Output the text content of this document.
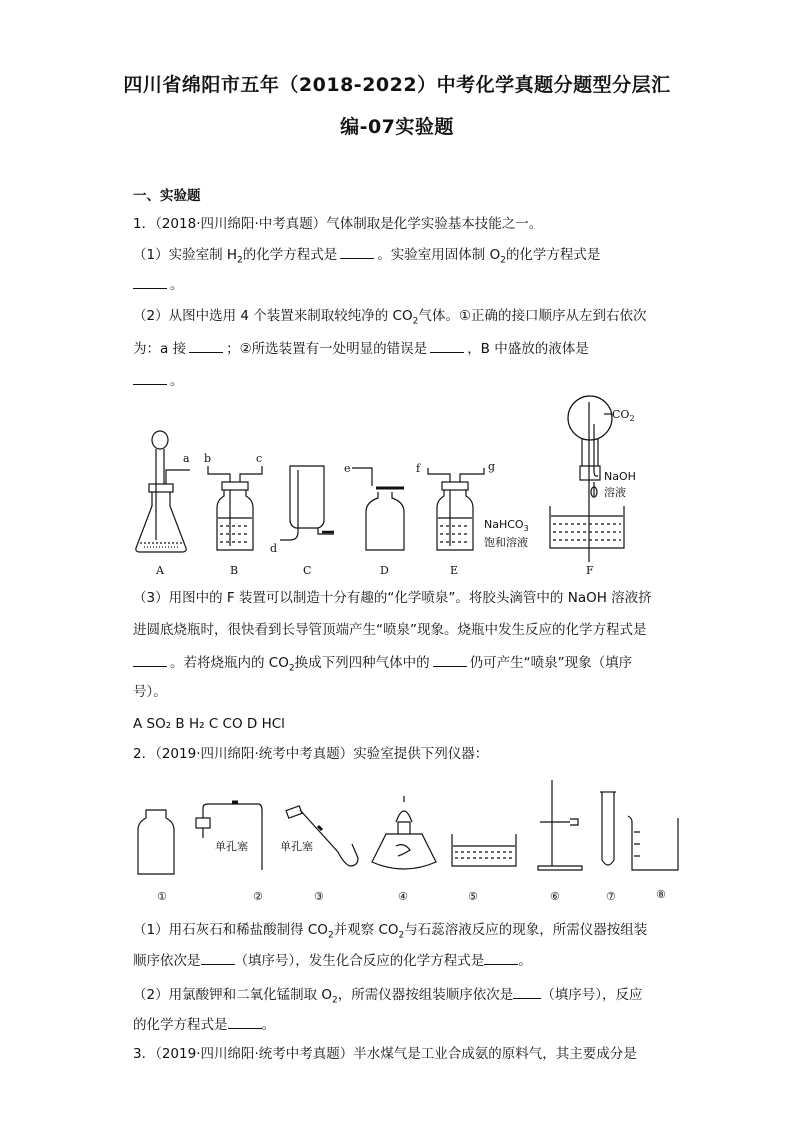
四川省绵阳市五年（2018-2022）中考化学真题分题型分层汇
编-07实验题
一、实验题
1．（2018·四川绵阳·中考真题）气体制取是化学实验基本技能之一。
（1）实验室制 $H_2$的化学方程式是	。实验室用固体制 $O_2$的化学方程式是
。
（2）从图中选用 4 个装置来制取较纯净的 $CO_2$气体。①正确的接口顺序从左到右依次
为：a 接	；②所选装置有一处明显的错误是	，B 中盛放的液体是
。
a b	c
d
e	f	g
$CO_2$
NaOH
溶液
NaHCO$_3$
饱和溶液
A	B	C	D	E	F
（3）用图中的 F 装置可以制造十分有趣的“化学喷泉”。将胶头滴管中的 NaOH 溶液挤
进圆底烧瓶时，很快看到长导管顶端产生“喷泉”现象。烧瓶中发生反应的化学方程式是
。若将烧瓶内的 $CO_2$换成下列四种气体中的	仍可产生“喷泉”现象（填序
号）。
A SO₂ B H₂ C CO D HCl
2．（2019·四川绵阳·统考中考真题）实验室提供下列仪器：
单孔塞	单孔塞
①	②	③	④	⑤	⑥	⑦	⑧
（1）用石灰石和稀盐酸制得 $CO_2$并观察 $CO_2$与石蕊溶液反应的现象，所需仪器按组装
顺序依次是	（填序号），发生化合反应的化学方程式是	。
（2）用氯酸钾和二氧化锰制取 $O_2$，所需仪器按组装顺序依次是 （填序号），反应
的化学方程式是	。
3．（2019·四川绵阳·统考中考真题）半水煤气是工业合成氨的原料气，其主要成分是
